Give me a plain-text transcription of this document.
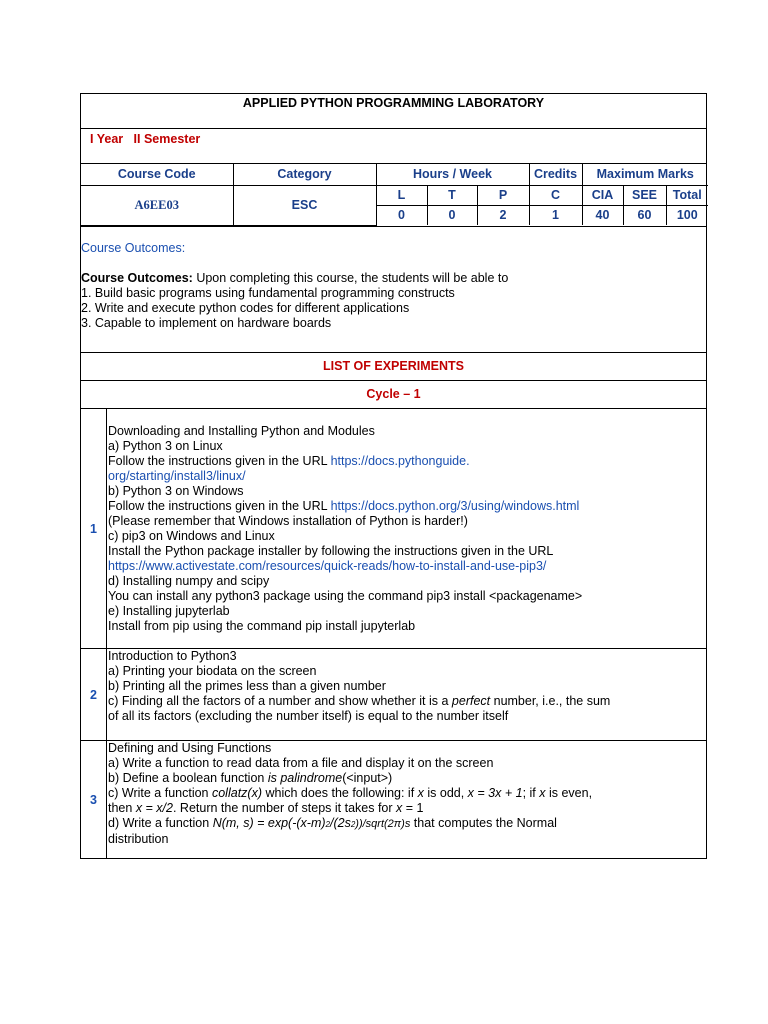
APPLIED PYTHON PROGRAMMING LABORATORY
I Year   II Semester
Course Code	Category	Hours / Week			Credits	Maximum Marks		
A6EE03	ESC	L	T	P	C	CIA	SEE	Total
		0	0	2	1	40	60	100
Course Outcomes:

Course Outcomes: Upon completing this course, the students will be able to

1. Build basic programs using fundamental programming constructs

2. Write and execute python codes for different applications

3. Capable to implement on hardware boards

LIST OF EXPERIMENTS
Cycle – 1
1

Downloading and Installing Python and Modules

a) Python 3 on Linux

Follow the instructions given in the URL https://docs.pythonguide.

org/starting/install3/linux/

b) Python 3 on Windows

Follow the instructions given in the URL https://docs.python.org/3/using/windows.html

(Please remember that Windows installation of Python is harder!)

c) pip3 on Windows and Linux

Install the Python package installer by following the instructions given in the URL

https://www.activestate.com/resources/quick-reads/how-to-install-and-use-pip3/

d) Installing numpy and scipy

You can install any python3 package using the command pip3 install <packagename>

e) Installing jupyterlab

Install from pip using the command pip install jupyterlab

2

Introduction to Python3

a) Printing your biodata on the screen

b) Printing all the primes less than a given number

c) Finding all the factors of a number and show whether it is a perfect number, i.e., the sum

of all its factors (excluding the number itself) is equal to the number itself

3

Defining and Using Functions

a) Write a function to read data from a file and display it on the screen

b) Define a boolean function is palindrome(<input>)

c) Write a function collatz(x) which does the following: if x is odd, x = 3x + 1; if x is even,

then x = x/2. Return the number of steps it takes for x = 1

d) Write a function N(m, s) = exp(-(x-m)2/(2s2))/sqrt(2π)s that computes the Normal

distribution
